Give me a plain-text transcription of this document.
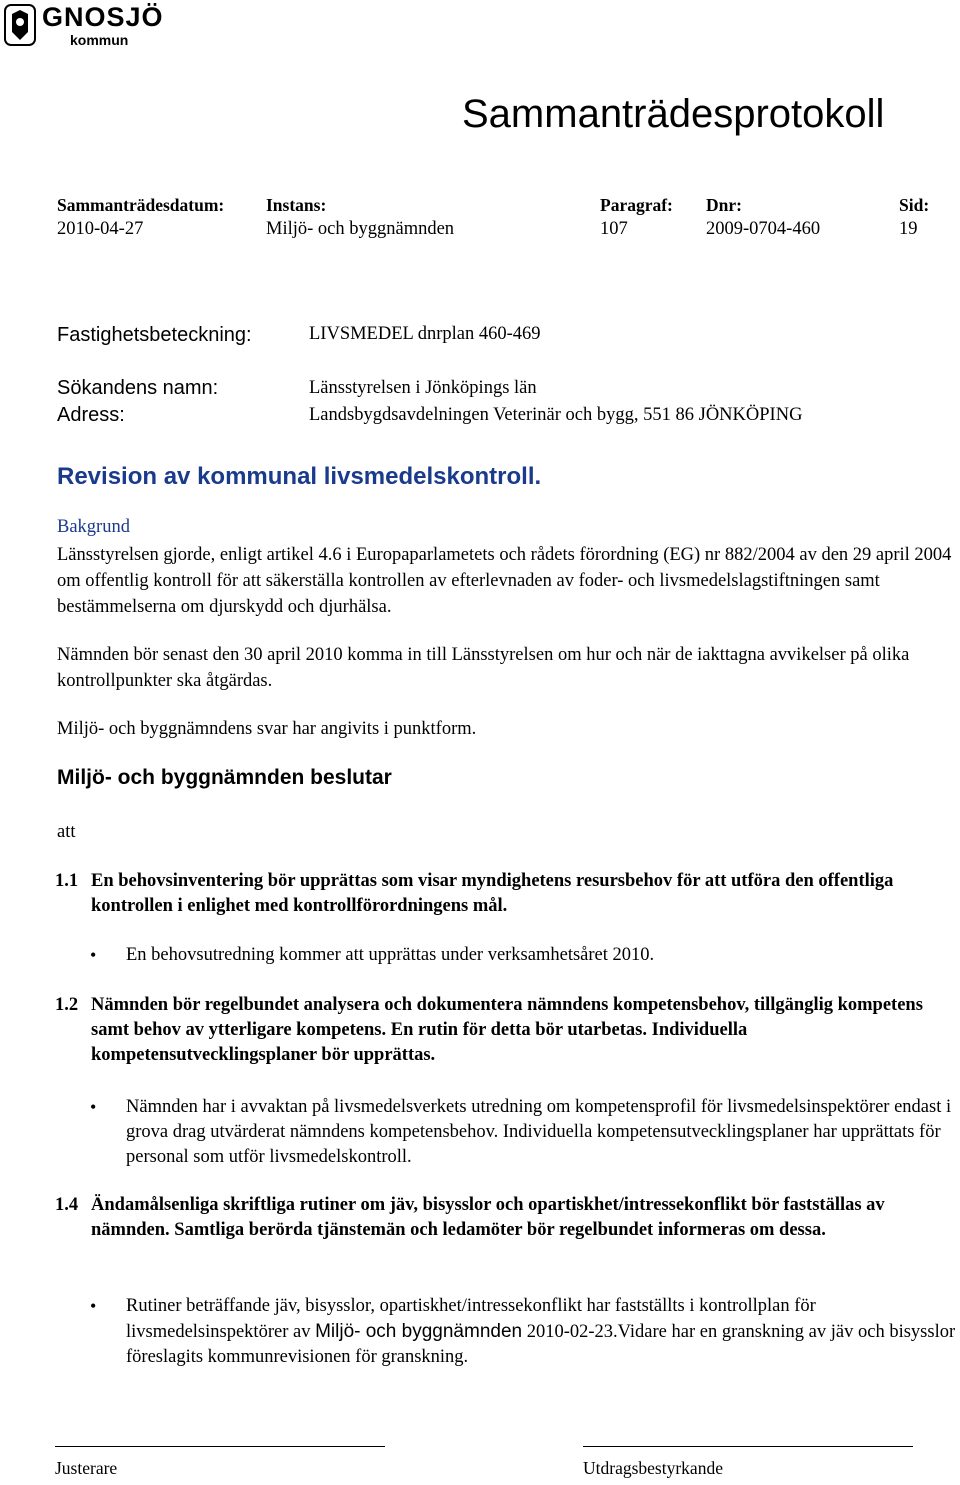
GNOSJÖ
kommun
Sammanträdesprotokoll
Sammanträdesdatum:
2010-04-27
Instans:
Miljö- och byggnämnden
Paragraf:
107
Dnr:
2009-0704-460
Sid:
19
Fastighetsbeteckning:	LIVSMEDEL dnrplan 460-469
Sökandens namn:	Länsstyrelsen i Jönköpings län
Adress:	Landsbygdsavdelningen Veterinär och bygg, 551 86 JÖNKÖPING
Revision av kommunal livsmedelskontroll.
Bakgrund
Länsstyrelsen gjorde, enligt artikel 4.6 i Europaparlametets och rådets förordning (EG) nr 882/2004 av den 29 april 2004 om offentlig kontroll för att säkerställa kontrollen av efterlevnaden av foder- och livsmedelslagstiftningen samt bestämmelserna om djurskydd och djurhälsa.
Nämnden bör senast den 30 april 2010 komma in till Länsstyrelsen om hur och när de iakttagna avvikelser på olika kontrollpunkter ska åtgärdas.
Miljö- och byggnämndens svar har angivits i punktform.
Miljö- och byggnämnden beslutar
att
1.1 En behovsinventering bör upprättas som visar myndighetens resursbehov för att utföra den offentliga kontrollen i enlighet med kontrollförordningens mål.
•	En behovsutredning kommer att upprättas under verksamhetsåret 2010.
1.2 Nämnden bör regelbundet analysera och dokumentera nämndens kompetensbehov, tillgänglig kompetens samt behov av ytterligare kompetens. En rutin för detta bör utarbetas. Individuella kompetensutvecklingsplaner bör upprättas.
•	Nämnden har i avvaktan på livsmedelsverkets utredning om kompetensprofil för livsmedelsinspektörer endast i grova drag utvärderat nämndens kompetensbehov. Individuella kompetensutvecklingsplaner har upprättats för personal som utför livsmedelskontroll.
1.4 Ändamålsenliga skriftliga rutiner om jäv, bisysslor och opartiskhet/intressekonflikt bör fastställas av nämnden. Samtliga berörda tjänstemän och ledamöter bör regelbundet informeras om dessa.
•	Rutiner beträffande jäv, bisysslor, opartiskhet/intressekonflikt har fastställts i kontrollplan för livsmedelsinspektörer av Miljö- och byggnämnden 2010-02-23.Vidare har en granskning av jäv och bisysslor föreslagits kommunrevisionen för granskning.
Justerare	Utdragsbestyrkande
